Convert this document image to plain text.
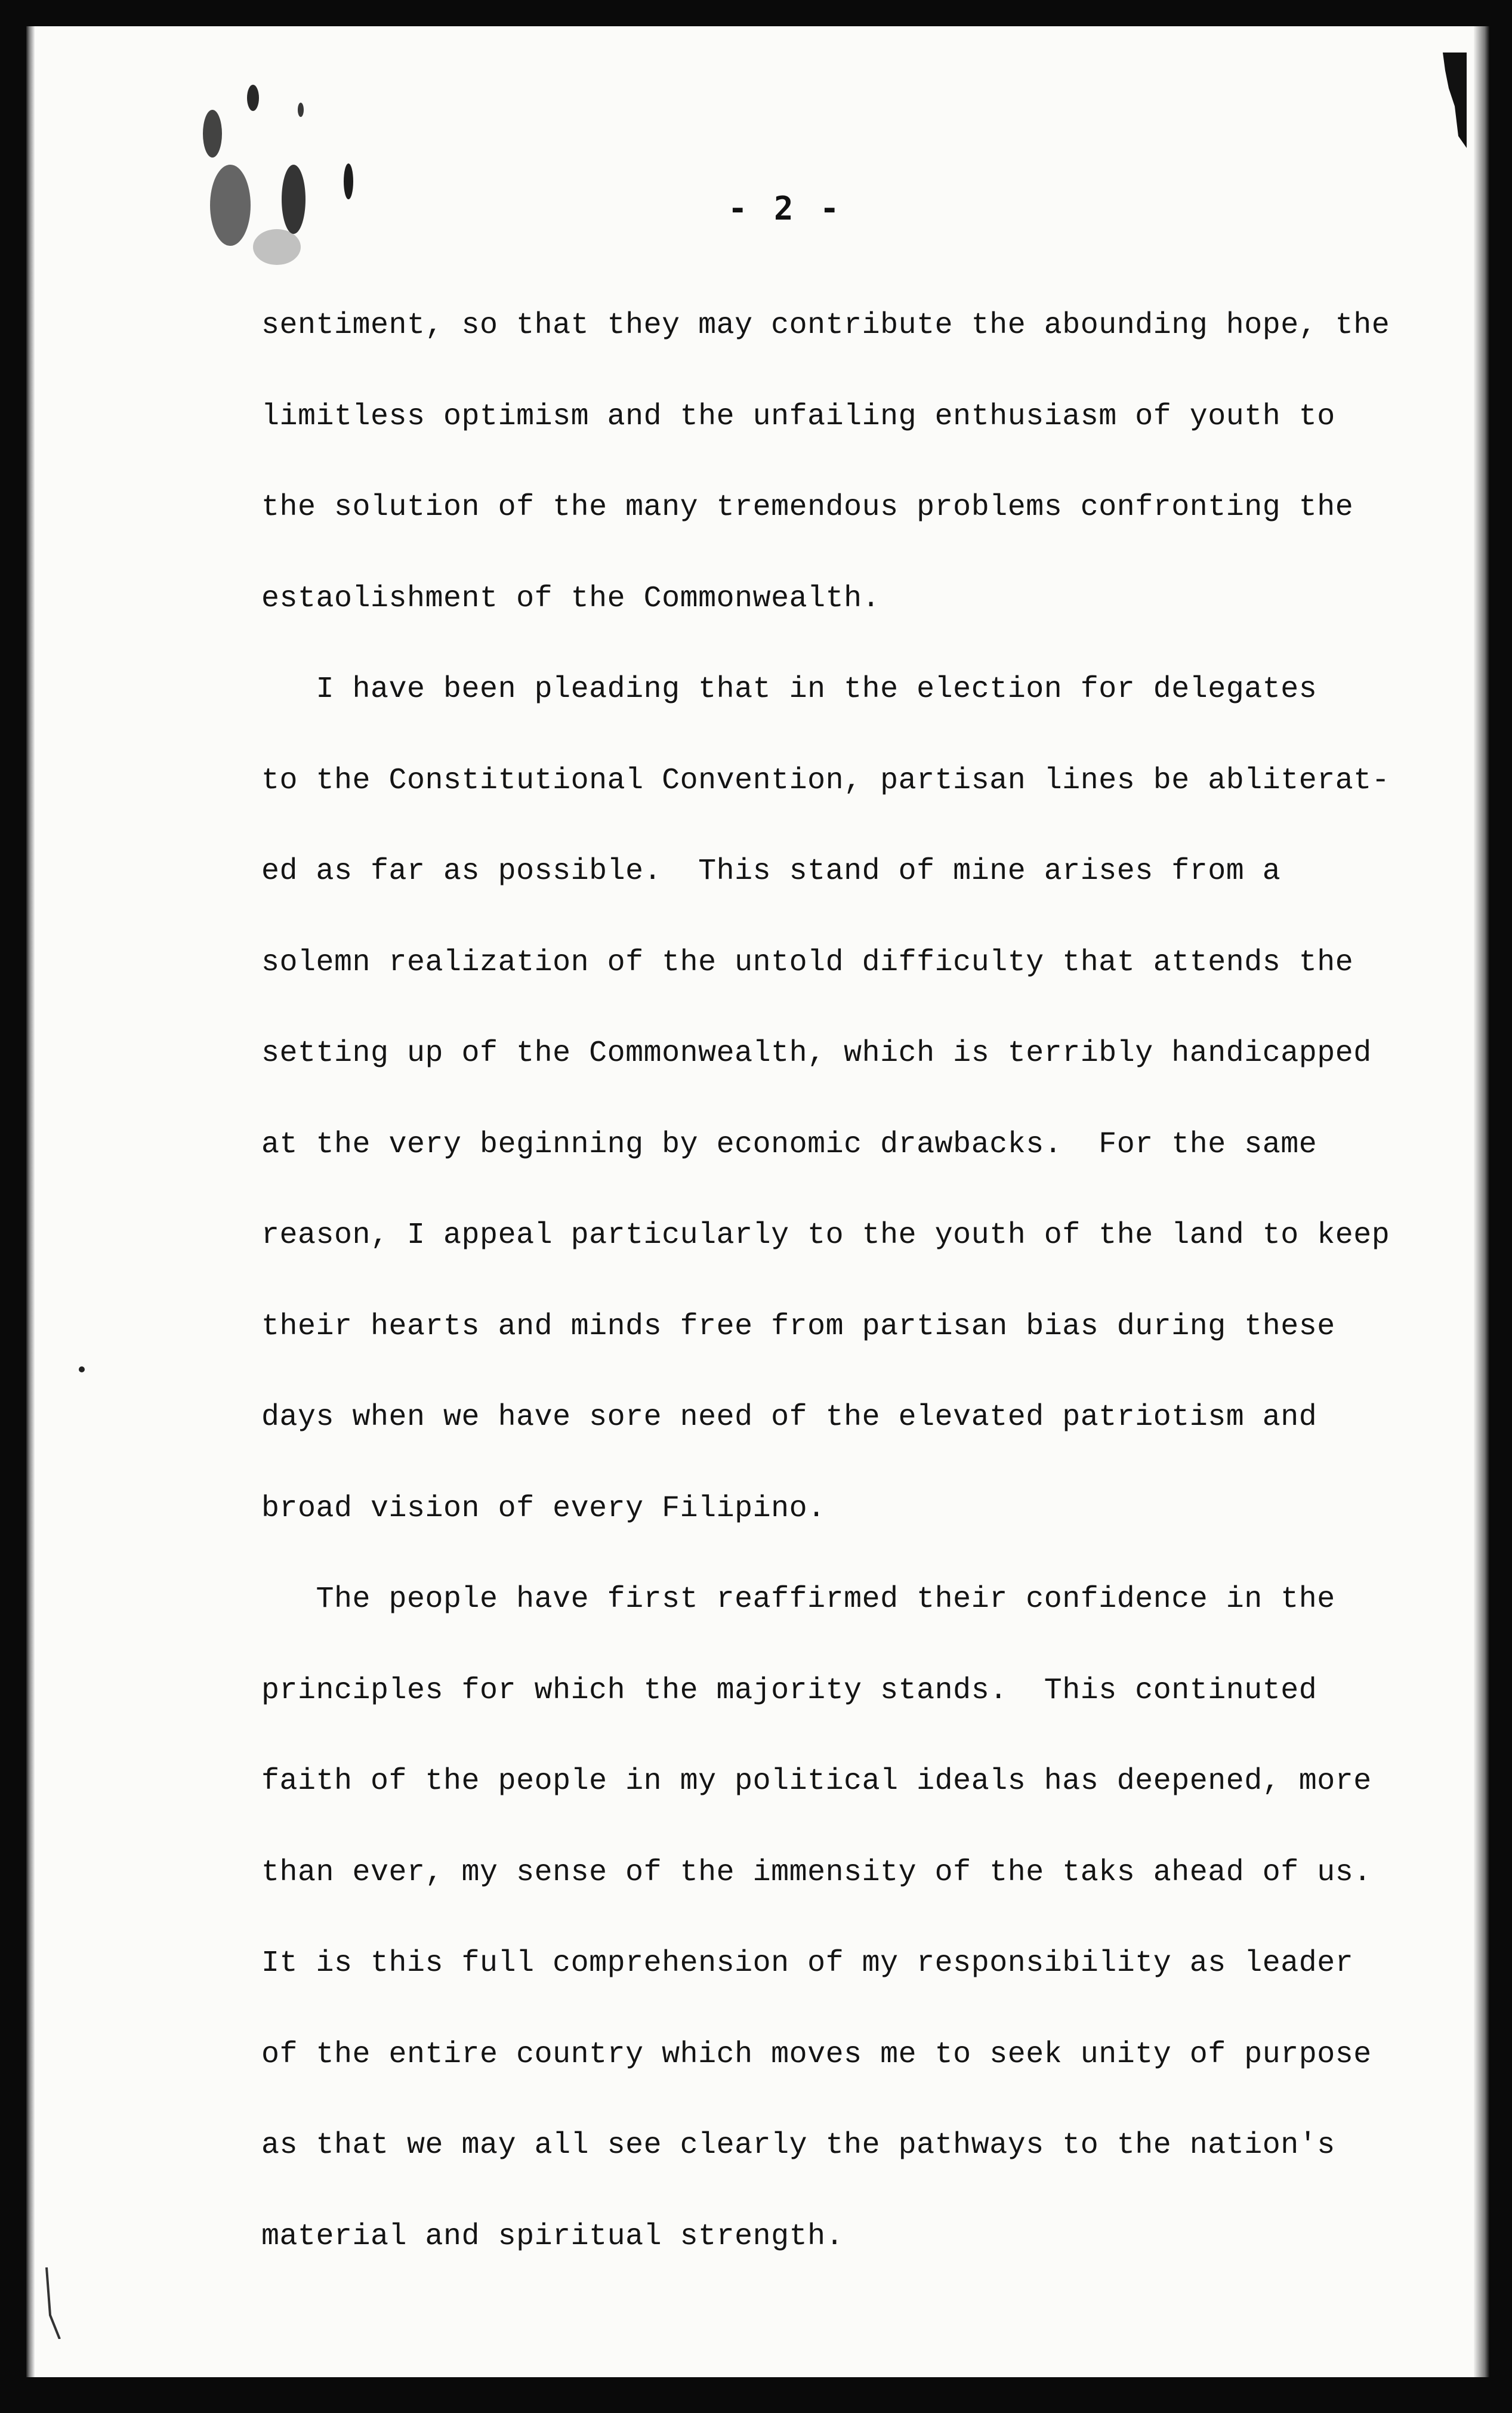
- 2 -
sentiment, so that they may contribute the abounding hope, the
limitless optimism and the unfailing enthusiasm of youth to
the solution of the many tremendous problems confronting the
estaolishment of the Commonwealth.
I have been pleading that in the election for delegates
to the Constitutional Convention, partisan lines be abliterat-
ed as far as possible.  This stand of mine arises from a
solemn realization of the untold difficulty that attends the
setting up of the Commonwealth, which is terribly handicapped
at the very beginning by economic drawbacks.  For the same
reason, I appeal particularly to the youth of the land to keep
their hearts and minds free from partisan bias during these
days when we have sore need of the elevated patriotism and
broad vision of every Filipino.
The people have first reaffirmed their confidence in the
principles for which the majority stands.  This continuted
faith of the people in my political ideals has deepened, more
than ever, my sense of the immensity of the taks ahead of us.
It is this full comprehension of my responsibility as leader
of the entire country which moves me to seek unity of purpose
as that we may all see clearly the pathways to the nation's
material and spiritual strength.
